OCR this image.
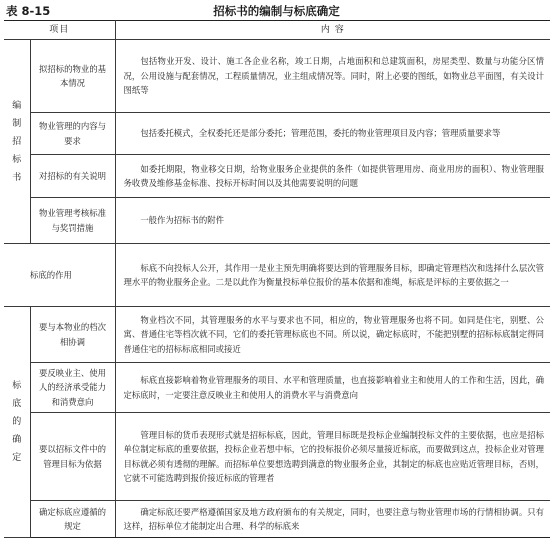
表 8-15	招标书的编制与标底确定
项目		内 容
编制招标书	拟招标的物业的基本情况	包括物业开发、设计、施工各企业名称，竣工日期，占地面积和总建筑面积，房屋类型、数量与功能分区情况，公用设施与配套情况，工程质量情况，业主组成情况等。同时，附上必要的图纸，如物业总平面图，有关设计图纸等
	物业管理的内容与要求	包括委托模式，全权委托还是部分委托；管理范围，委托的物业管理项目及内容；管理质量要求等
	对招标的有关说明	如委托期限，物业移交日期，给物业服务企业提供的条件（如提供管理用房、商业用房的面积）、物业管理服务收费及维修基金标准、投标开标时间以及其他需要说明的问题
	物业管理考核标准与奖罚措施	一般作为招标书的附件
标底的作用		标底不向投标人公开，其作用一是业主预先明确将要达到的管理服务目标，即确定管理档次和选择什么层次管理水平的物业服务企业。二是以此作为衡量投标单位报价的基本依据和准绳，标底是评标的主要依据之一
标底的确定	要与本物业的档次相协调	物业档次不同，其管理服务的水平与要求也不同，相应的，物业管理服务也将不同。如同是住宅，别墅、公寓、普通住宅等档次就不同，它们的委托管理标底也不同。所以说，确定标底时，不能把别墅的招标标底制定得同普通住宅的招标标底相同或接近
	要反映业主、使用人的经济承受能力和消费意向	标底直接影响着物业管理服务的项目、水平和管理质量，也直接影响着业主和使用人的工作和生活，因此，确定标底时，一定要注意反映业主和使用人的消费水平与消费意向
	要以招标文件中的管理目标为依据	管理目标的货币表现形式就是招标标底，因此，管理目标既是投标企业编制投标文件的主要依据，也应是招标单位制定标底的重要依据，投标企业若想中标，它的投标报价必须尽量接近标底，而要做到这点，投标企业对管理目标就必须有透彻的理解。而招标单位要想选聘到满意的物业服务企业，其制定的标底也应贴近管理目标，否则，它就不可能选聘到报价接近标底的管理者
	确定标底应遵循的规定	确定标底还要严格遵循国家及地方政府颁布的有关规定，同时，也要注意与物业管理市场的行情相协调。只有这样，招标单位才能制定出合理、科学的标底来
